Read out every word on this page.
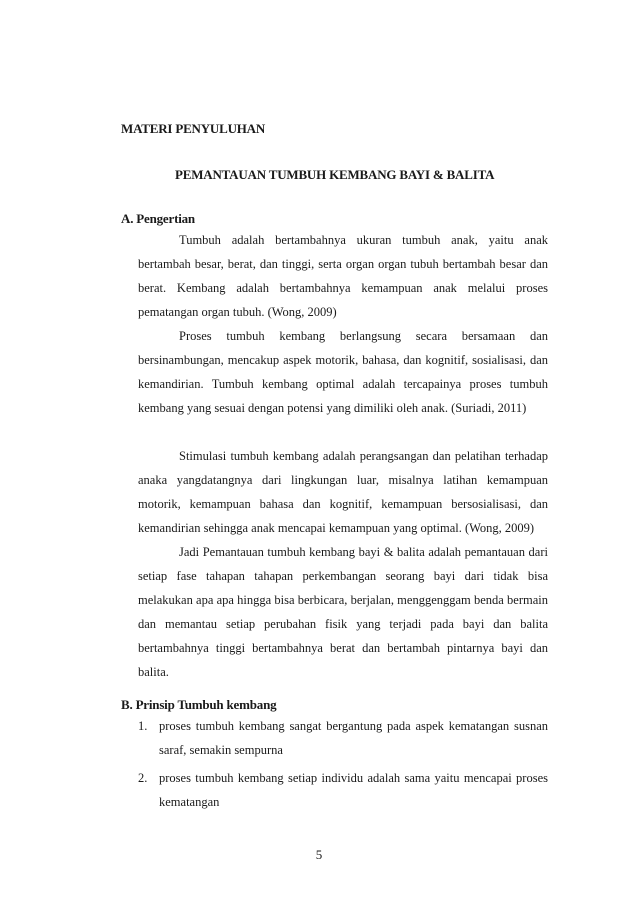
MATERI PENYULUHAN
PEMANTAUAN TUMBUH KEMBANG BAYI & BALITA
A. Pengertian

Tumbuh adalah bertambahnya ukuran tumbuh anak, yaitu anak bertambah besar, berat, dan tinggi, serta organ organ tubuh bertambah besar dan berat. Kembang adalah bertambahnya kemampuan anak melalui proses pematangan organ tubuh. (Wong, 2009)

Proses tumbuh kembang berlangsung secara bersamaan dan bersinambungan, mencakup aspek motorik, bahasa, dan kognitif, sosialisasi, dan kemandirian. Tumbuh kembang optimal adalah tercapainya proses tumbuh kembang yang sesuai dengan potensi yang dimiliki oleh anak. (Suriadi, 2011)

Stimulasi tumbuh kembang adalah perangsangan dan pelatihan terhadap anaka yangdatangnya dari lingkungan luar, misalnya latihan kemampuan motorik, kemampuan bahasa dan kognitif, kemampuan bersosialisasi, dan kemandirian sehingga anak mencapai kemampuan yang optimal. (Wong, 2009)

Jadi Pemantauan tumbuh kembang bayi & balita adalah pemantauan dari setiap fase tahapan tahapan perkembangan seorang bayi dari tidak bisa melakukan apa apa hingga bisa berbicara, berjalan, menggenggam benda bermain dan memantau setiap perubahan fisik yang terjadi pada bayi dan balita bertambahnya tinggi bertambahnya berat dan bertambah pintarnya bayi dan balita.

B. Prinsip Tumbuh kembang
1. proses tumbuh kembang sangat bergantung pada aspek kematangan susnan saraf, semakin sempurna
2. proses tumbuh kembang setiap individu adalah sama yaitu mencapai proses kematangan
5
